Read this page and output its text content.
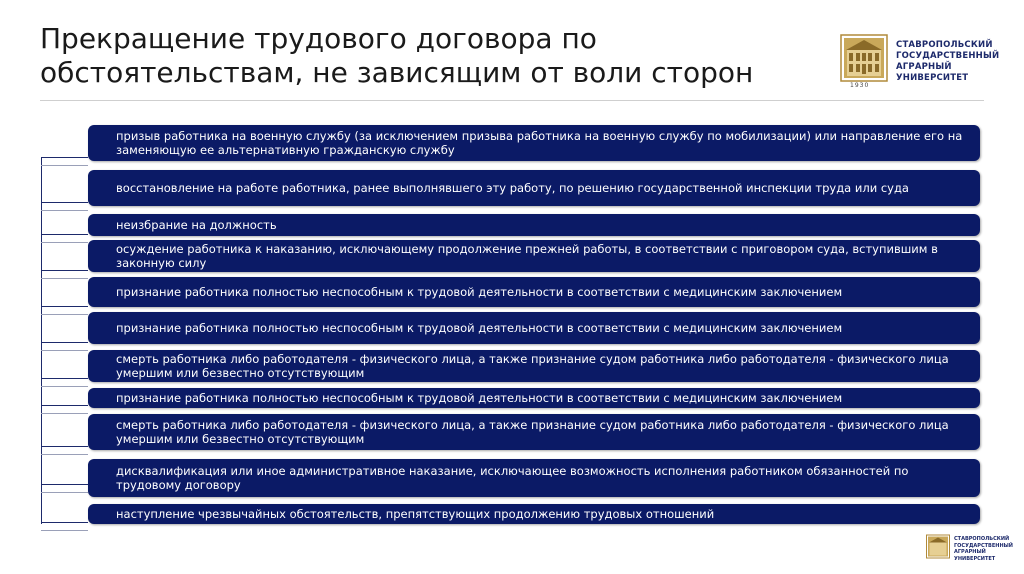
Прекращение трудового договора по обстоятельствам, не зависящим от воли сторон
СТАВРОПОЛЬСКИЙ
ГОСУДАРСТВЕННЫЙ
АГРАРНЫЙ УНИВЕРСИТЕТ
1930
призыв работника на военную службу (за исключением призыва работника на военную службу по мобилизации) или направление его на заменяющую ее альтернативную гражданскую службу
восстановление на работе работника, ранее выполнявшего эту работу, по решению государственной инспекции труда или суда
неизбрание на должность
осуждение работника к наказанию, исключающему продолжение прежней работы, в соответствии с приговором суда, вступившим в законную силу
признание работника полностью неспособным к трудовой деятельности в соответствии с медицинским заключением
признание работника полностью неспособным к трудовой деятельности в соответствии с медицинским заключением
смерть работника либо работодателя - физического лица, а также признание судом работника либо работодателя - физического лица умершим или безвестно отсутствующим
признание работника полностью неспособным к трудовой деятельности в соответствии с медицинским заключением
смерть работника либо работодателя - физического лица, а также признание судом работника либо работодателя - физического лица умершим или безвестно отсутствующим
дисквалификация или иное административное наказание, исключающее возможность исполнения работником обязанностей по трудовому договору
наступление чрезвычайных обстоятельств, препятствующих продолжению трудовых отношений
СТАВРОПОЛЬСКИЙ
ГОСУДАРСТВЕННЫЙ
АГРАРНЫЙ УНИВЕРСИТЕТ
